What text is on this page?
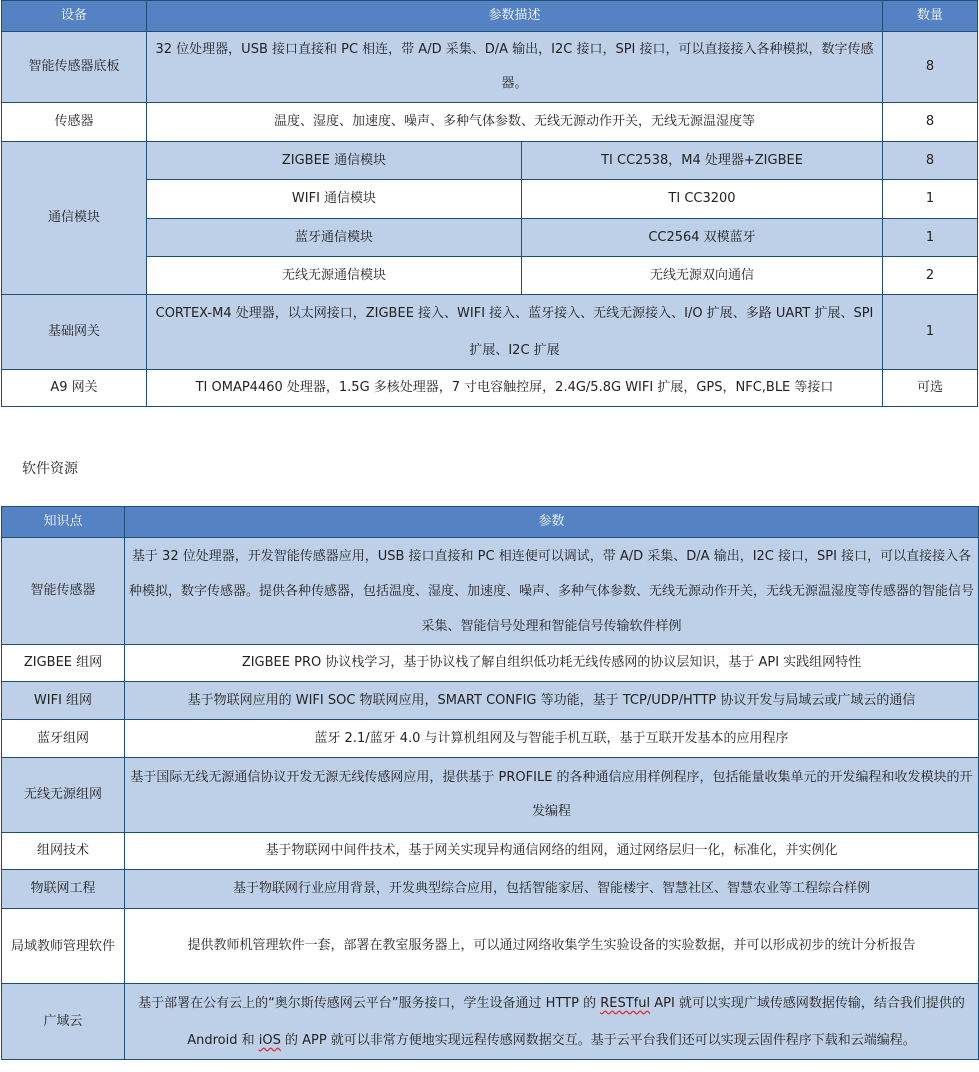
设备	参数描述		数量
智能传感器底板	32 位处理器，USB 接口直接和 PC 相连，带 A/D 采集、D/A 输出，I2C 接口，SPI 接口，可以直接接入各种模拟，数字传感器。		8
传感器	温度、湿度、加速度、噪声、多种气体参数、无线无源动作开关，无线无源温湿度等		8
通信模块	ZIGBEE 通信模块	TI CC2538，M4 处理器+ZIGBEE	8
	WIFI 通信模块	TI CC3200	1
	蓝牙通信模块	CC2564 双模蓝牙	1
	无线无源通信模块	无线无源双向通信	2
基础网关	CORTEX-M4 处理器，以太网接口，ZIGBEE 接入、WIFI 接入、蓝牙接入、无线无源接入、I/O 扩展、多路 UART 扩展、SPI 扩展、I2C 扩展		1
A9 网关	TI OMAP4460 处理器，1.5G 多核处理器，7 寸电容触控屏，2.4G/5.8G WIFI 扩展，GPS，NFC,BLE 等接口		可选
软件资源
知识点	参数
智能传感器	基于 32 位处理器，开发智能传感器应用，USB 接口直接和 PC 相连便可以调试，带 A/D 采集、D/A 输出，I2C 接口，SPI 接口，可以直接接入各种模拟，数字传感器。提供各种传感器，包括温度、湿度、加速度、噪声、多种气体参数、无线无源动作开关，无线无源温湿度等传感器的智能信号采集、智能信号处理和智能信号传输软件样例
ZIGBEE 组网	ZIGBEE PRO 协议栈学习，基于协议栈了解自组织低功耗无线传感网的协议层知识，基于 API 实践组网特性
WIFI 组网	基于物联网应用的 WIFI SOC 物联网应用，SMART CONFIG 等功能，基于 TCP/UDP/HTTP 协议开发与局域云或广域云的通信
蓝牙组网	蓝牙 2.1/蓝牙 4.0 与计算机组网及与智能手机互联，基于互联开发基本的应用程序
无线无源组网	基于国际无线无源通信协议开发无源无线传感网应用，提供基于 PROFILE 的各种通信应用样例程序，包括能量收集单元的开发编程和收发模块的开发编程
组网技术	基于物联网中间件技术，基于网关实现异构通信网络的组网，通过网络层归一化，标准化，并实例化
物联网工程	基于物联网行业应用背景，开发典型综合应用，包括智能家居、智能楼宇、智慧社区、智慧农业等工程综合样例
局域教师管理软件	提供教师机管理软件一套，部署在教室服务器上，可以通过网络收集学生实验设备的实验数据，并可以形成初步的统计分析报告
广域云	基于部署在公有云上的“奥尔斯传感网云平台”服务接口，学生设备通过 HTTP 的 RESTful API 就可以实现广域传感网数据传输，结合我们提供的 Android 和 iOS 的 APP 就可以非常方便地实现远程传感网数据交互。基于云平台我们还可以实现云固件程序下载和云端编程。
